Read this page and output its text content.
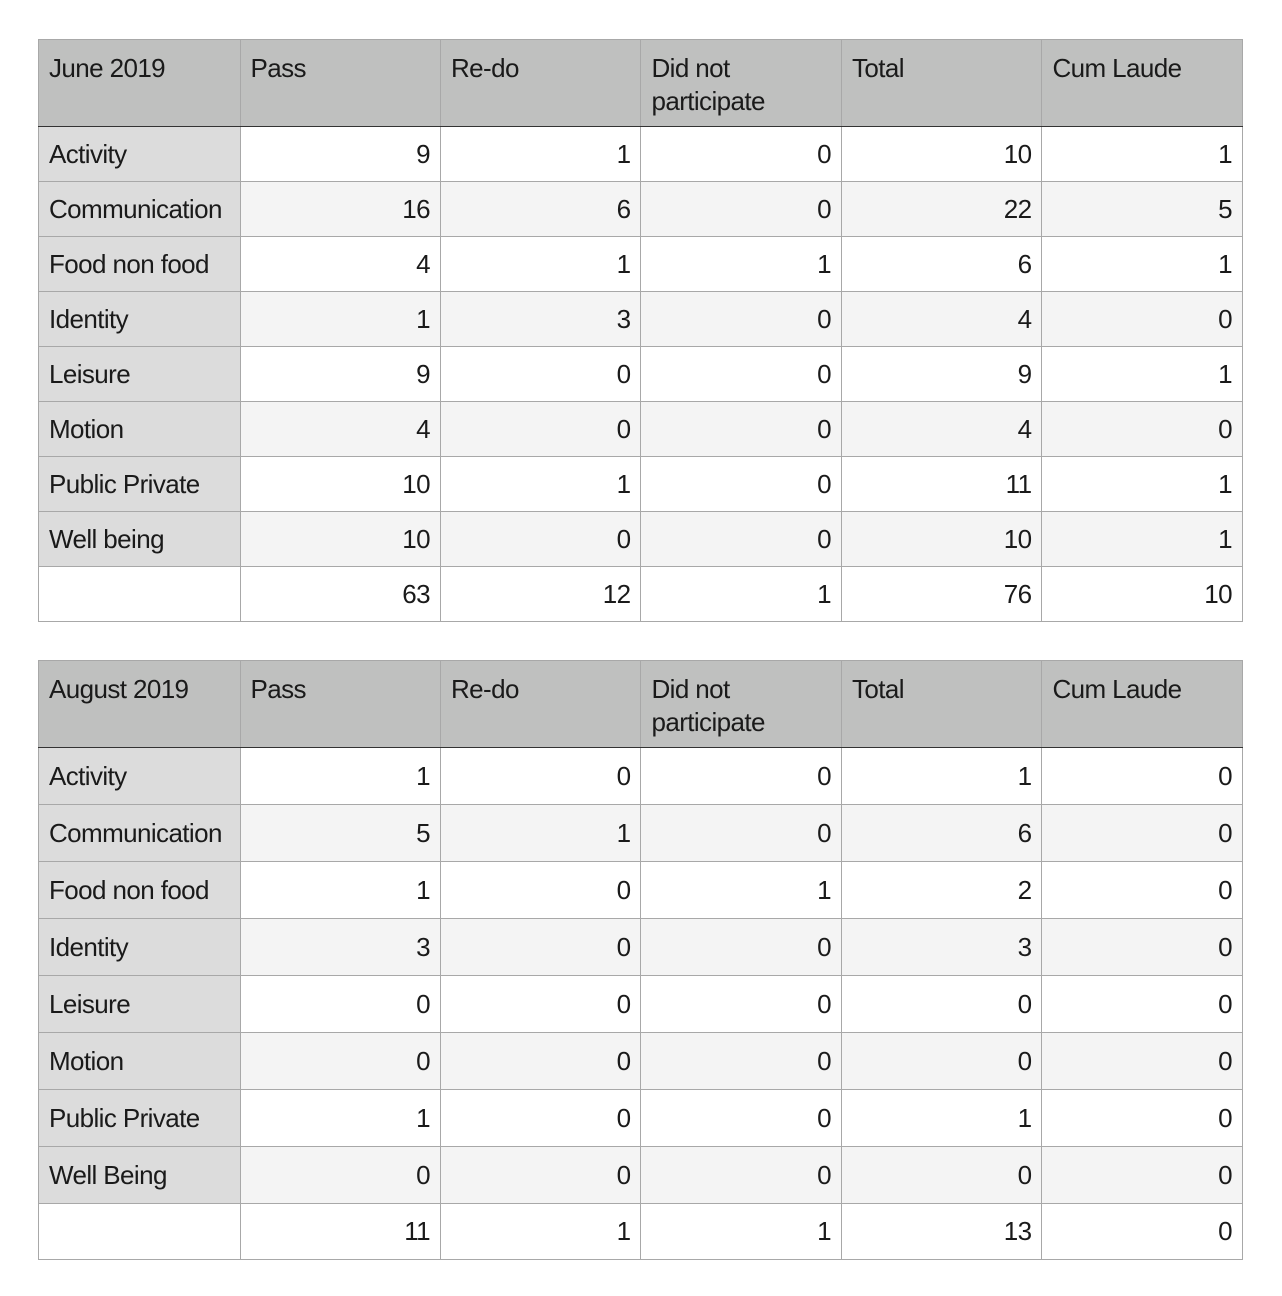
June 2019	Pass	Re-do	Did not participate	Total	Cum Laude
Activity	9	1	0	10	1
Communication	16	6	0	22	5
Food non food	4	1	1	6	1
Identity	1	3	0	4	0
Leisure	9	0	0	9	1
Motion	4	0	0	4	0
Public Private	10	1	0	11	1
Well being	10	0	0	10	1
	63	12	1	76	10
August 2019	Pass	Re-do	Did not participate	Total	Cum Laude
Activity	1	0	0	1	0
Communication	5	1	0	6	0
Food non food	1	0	1	2	0
Identity	3	0	0	3	0
Leisure	0	0	0	0	0
Motion	0	0	0	0	0
Public Private	1	0	0	1	0
Well Being	0	0	0	0	0
	11	1	1	13	0
